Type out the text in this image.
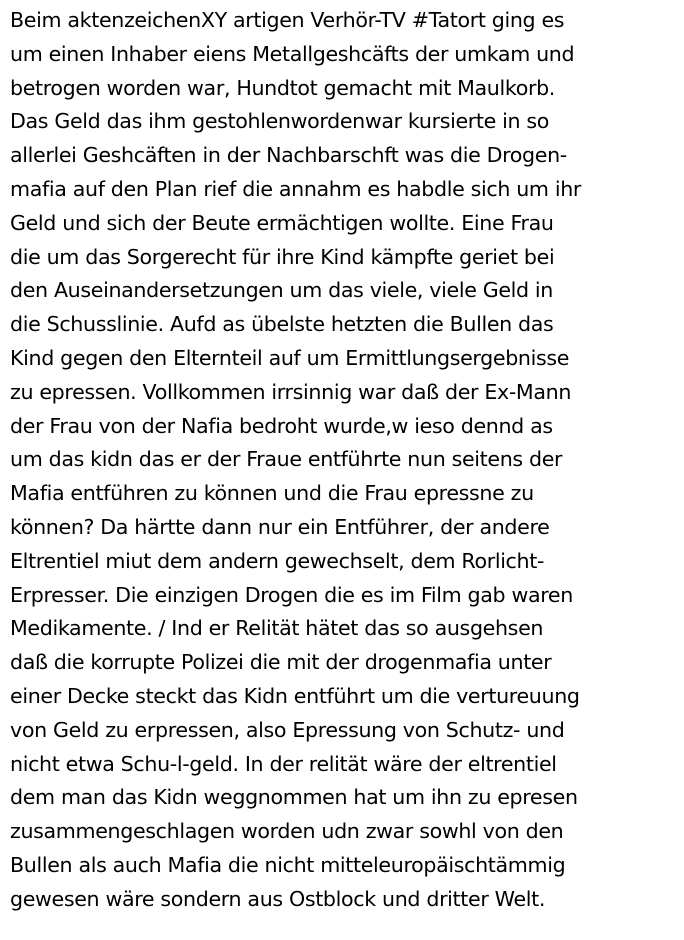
Beim aktenzeichenXY artigen Verhör-TV #Tatort ging es
um einen Inhaber eiens Metallgeshcäfts der umkam und
betrogen worden war, Hundtot gemacht mit Maulkorb.
Das Geld das ihm gestohlenwordenwar kursierte in so
allerlei Geshcäften in der Nachbarschft was die Drogen-
mafia auf den Plan rief die annahm es habdle sich um ihr
Geld und sich der Beute ermächtigen wollte. Eine Frau
die um das Sorgerecht für ihre Kind kämpfte geriet bei
den Auseinandersetzungen um das viele, viele Geld in
die Schusslinie. Aufd as übelste hetzten die Bullen das
Kind gegen den Elternteil auf um Ermittlungsergebnisse
zu epressen. Vollkommen irrsinnig war daß der Ex-Mann
der Frau von der Nafia bedroht wurde,w ieso dennd as
um das kidn das er der Fraue entführte nun seitens der
Mafia entführen zu können und die Frau epressne zu
können? Da härtte dann nur ein Entführer, der andere
Eltrentiel miut dem andern gewechselt, dem Rorlicht-
Erpresser. Die einzigen Drogen die es im Film gab waren
Medikamente. / Ind er Relität hätet das so ausgehsen
daß die korrupte Polizei die mit der drogenmafia unter
einer Decke steckt das Kidn entführt um die vertureuung
von Geld zu erpressen, also Epressung von Schutz- und
nicht etwa Schu-l-geld. In der relität wäre der eltrentiel
dem man das Kidn weggnommen hat um ihn zu epresen
zusammengeschlagen worden udn zwar sowhl von den
Bullen als auch Mafia die nicht mitteleuropäischtämmig
gewesen wäre sondern aus Ostblock und dritter Welt.
